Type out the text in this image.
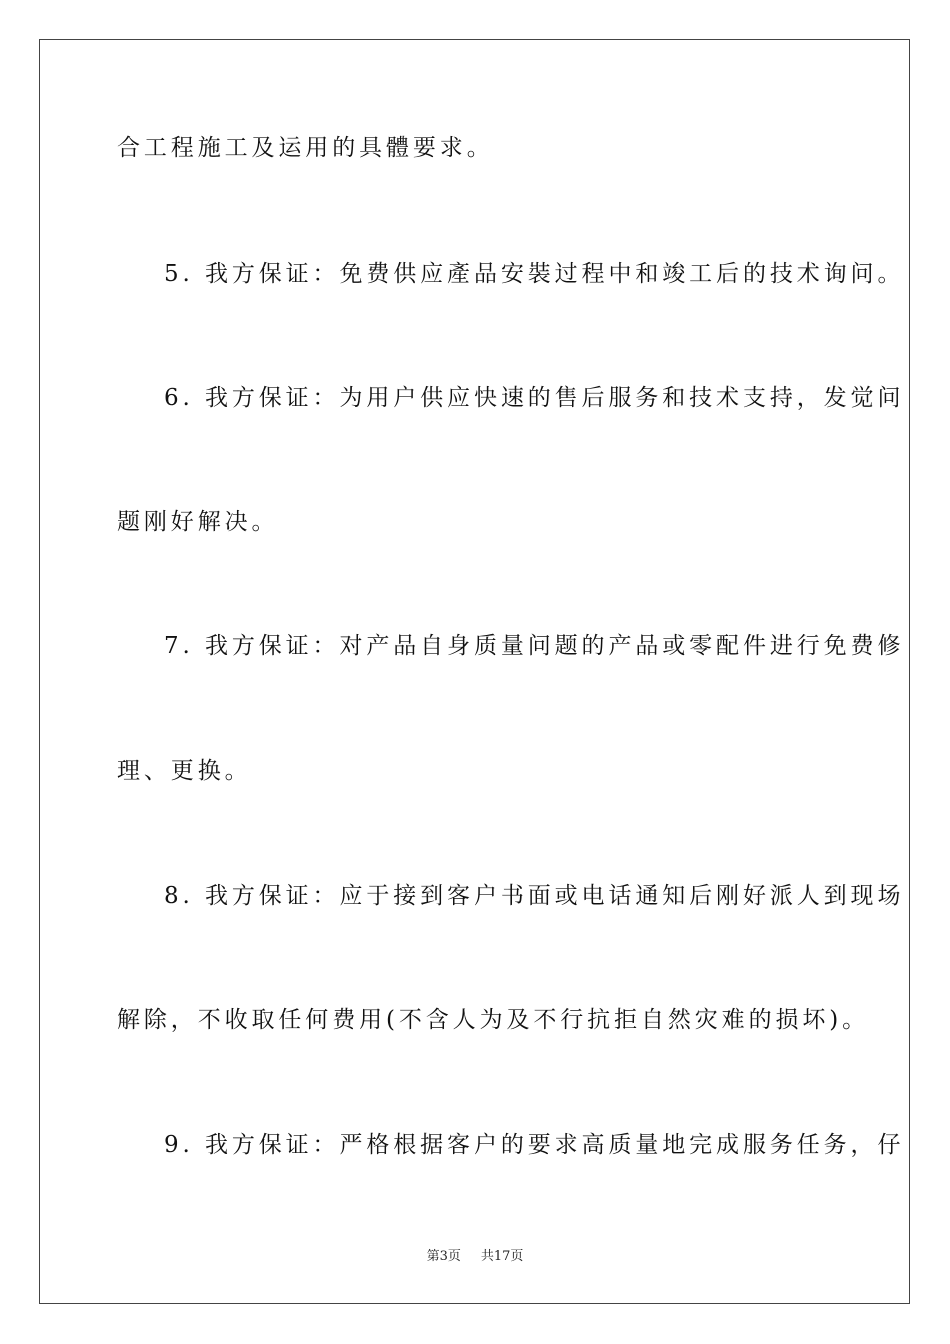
合工程施工及运用的具體要求。
5. 我方保证：免费供应產品安裝过程中和竣工后的技术询问。
6. 我方保证：为用户供应快速的售后服务和技术支持，发觉问
题刚好解决。
7. 我方保证：对产品自身质量问题的产品或零配件进行免费修
理、更换。
8. 我方保证：应于接到客户书面或电话通知后刚好派人到现场
解除，不收取任何费用(不含人为及不行抗拒自然灾难的损坏)。
9. 我方保证：严格根据客户的要求高质量地完成服务任务，仔
第3页 共17页
